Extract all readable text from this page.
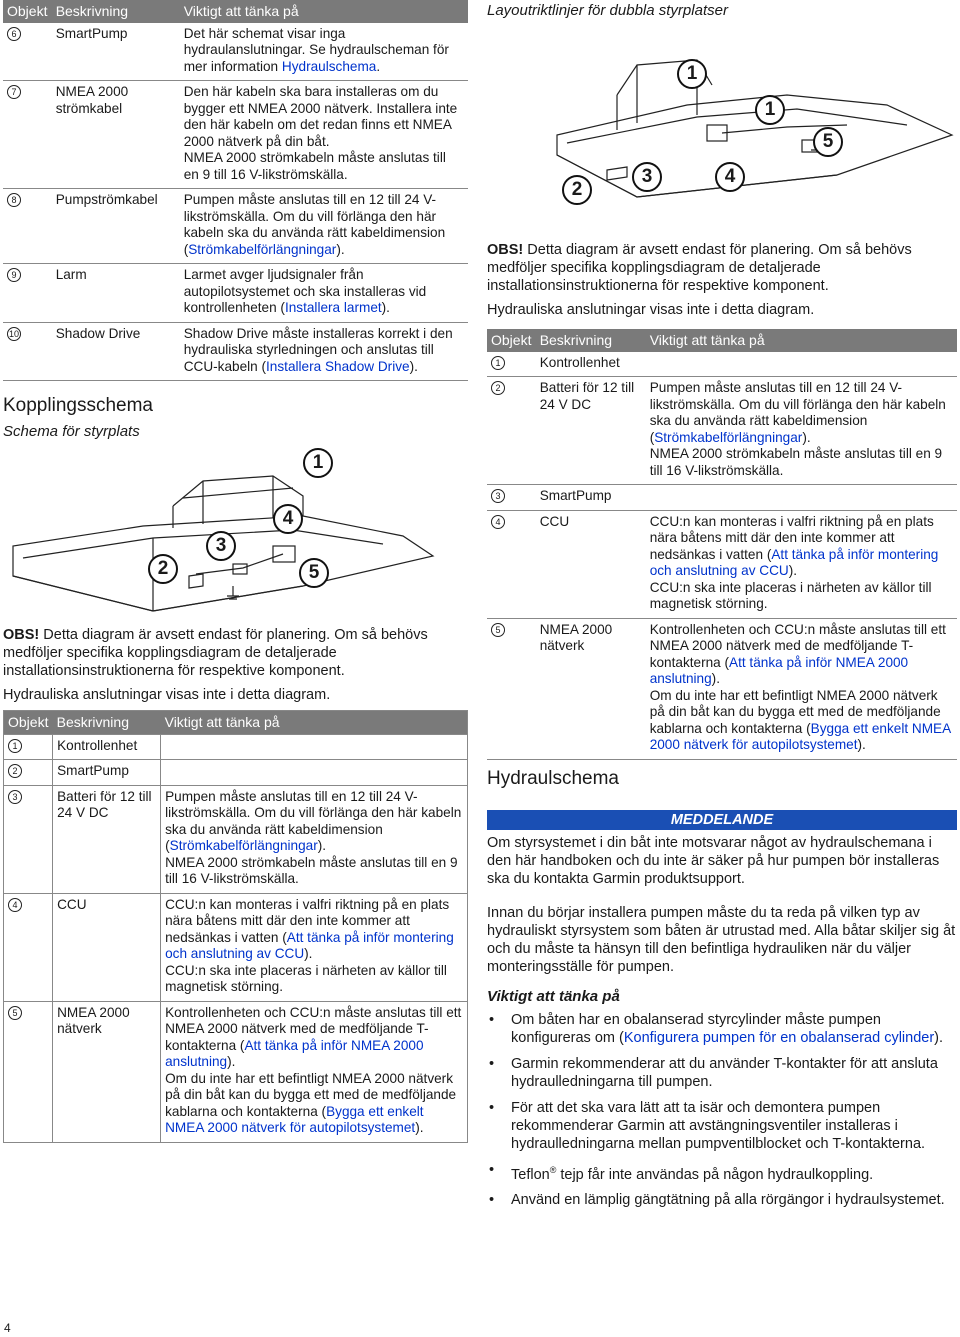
Objekt	Beskrivning	Viktigt att tänka på
6	SmartPump	Det här schemat visar inga hydraulanslutningar. Se hydraulscheman för mer information Hydraulschema.
7	NMEA 2000 strömkabel	Den här kabeln ska bara installeras om du bygger ett NMEA 2000 nätverk. Installera inte den här kabeln om det redan finns ett NMEA 2000 nätverk på din båt.

NMEA 2000 strömkabeln måste anslutas till en 9 till 16 V-likströmskälla.

8	Pumpströmkabel	Pumpen måste anslutas till en 12 till 24 V-likströmskälla. Om du vill förlänga den här kabeln ska du använda rätt kabeldimension (Strömkabelförlängningar).
9	Larm	Larmet avger ljudsignaler från autopilotsystemet och ska installeras vid kontrollenheten (Installera larmet).
10	Shadow Drive	Shadow Drive måste installeras korrekt i den hydrauliska styrledningen och anslutas till CCU-kabeln (Installera Shadow Drive).
Kopplingsschema
Schema för styrplats
1
2
3
4
5

OBS! Detta diagram är avsett endast för planering. Om så behövs medföljer specifika kopplingsdiagram de detaljerade installationsinstruktionerna för respektive komponent.

Hydrauliska anslutningar visas inte i detta diagram.

Objekt	Beskrivning	Viktigt att tänka på
1	Kontrollenhet	
2	SmartPump	
3	Batteri för 12 till 24 V DC	Pumpen måste anslutas till en 12 till 24 V-likströmskälla. Om du vill förlänga den här kabeln ska du använda rätt kabeldimension (Strömkabelförlängningar).

NMEA 2000 strömkabeln måste anslutas till en 9 till 16 V-likströmskälla.

4	CCU	CCU:n kan monteras i valfri riktning på en plats nära båtens mitt där den inte kommer att nedsänkas i vatten (Att tänka på inför montering och anslutning av CCU).

CCU:n ska inte placeras i närheten av källor till magnetisk störning.

5	NMEA 2000 nätverk	Kontrollenheten och CCU:n måste anslutas till ett NMEA 2000 nätverk med de medföljande T-kontakterna (Att tänka på inför NMEA 2000 anslutning).

Om du inte har ett befintligt NMEA 2000 nätverk på din båt kan du bygga ett med de medföljande kablarna och kontakterna (Bygga ett enkelt NMEA 2000 nätverk för autopilotsystemet).

Layoutriktlinjer för dubbla styrplatser
1
1
2
3	4
5

OBS! Detta diagram är avsett endast för planering. Om så behövs medföljer specifika kopplingsdiagram de detaljerade installationsinstruktionerna för respektive komponent.

Hydrauliska anslutningar visas inte i detta diagram.

Objekt	Beskrivning	Viktigt att tänka på
1	Kontrollenhet	
2	Batteri för 12 till 24 V DC	Pumpen måste anslutas till en 12 till 24 V-likströmskälla. Om du vill förlänga den här kabeln ska du använda rätt kabeldimension (Strömkabelförlängningar).

NMEA 2000 strömkabeln måste anslutas till en 9 till 16 V-likströmskälla.

3	SmartPump	
4	CCU	CCU:n kan monteras i valfri riktning på en plats nära båtens mitt där den inte kommer att nedsänkas i vatten (Att tänka på inför montering och anslutning av CCU).

CCU:n ska inte placeras i närheten av källor till magnetisk störning.

5	NMEA 2000 nätverk	Kontrollenheten och CCU:n måste anslutas till ett NMEA 2000 nätverk med de medföljande T-kontakterna (Att tänka på inför NMEA 2000 anslutning).

Om du inte har ett befintligt NMEA 2000 nätverk på din båt kan du bygga ett med de medföljande kablarna och kontakterna (Bygga ett enkelt NMEA 2000 nätverk för autopilotsystemet).

Hydraulschema
MEDDELANDE
Om styrsystemet i din båt inte motsvarar något av hydraulschemana i den här handboken och du inte är säker på hur pumpen bör installeras ska du kontakta Garmin produktsupport.

Innan du börjar installera pumpen måste du ta reda på vilken typ av hydrauliskt styrsystem som båten är utrustad med. Alla båtar skiljer sig åt och du måste ta hänsyn till den befintliga hydrauliken när du väljer monteringsställe för pumpen.

Viktigt att tänka på
• Om båten har en obalanserad styrcylinder måste pumpen konfigureras om (Konfigurera pumpen för en obalanserad cylinder).
• Garmin rekommenderar att du använder T-kontakter för att ansluta hydraulledningarna till pumpen.
• För att det ska vara lätt att ta isär och demontera pumpen rekommenderar Garmin att avstängningsventiler installeras i hydraulledningarna mellan pumpventilblocket och T-kontakterna.
• Teflon® tejp får inte användas på någon hydraulkoppling.
• Använd en lämplig gängtätning på alla rörgängor i hydraulsystemet.
4
